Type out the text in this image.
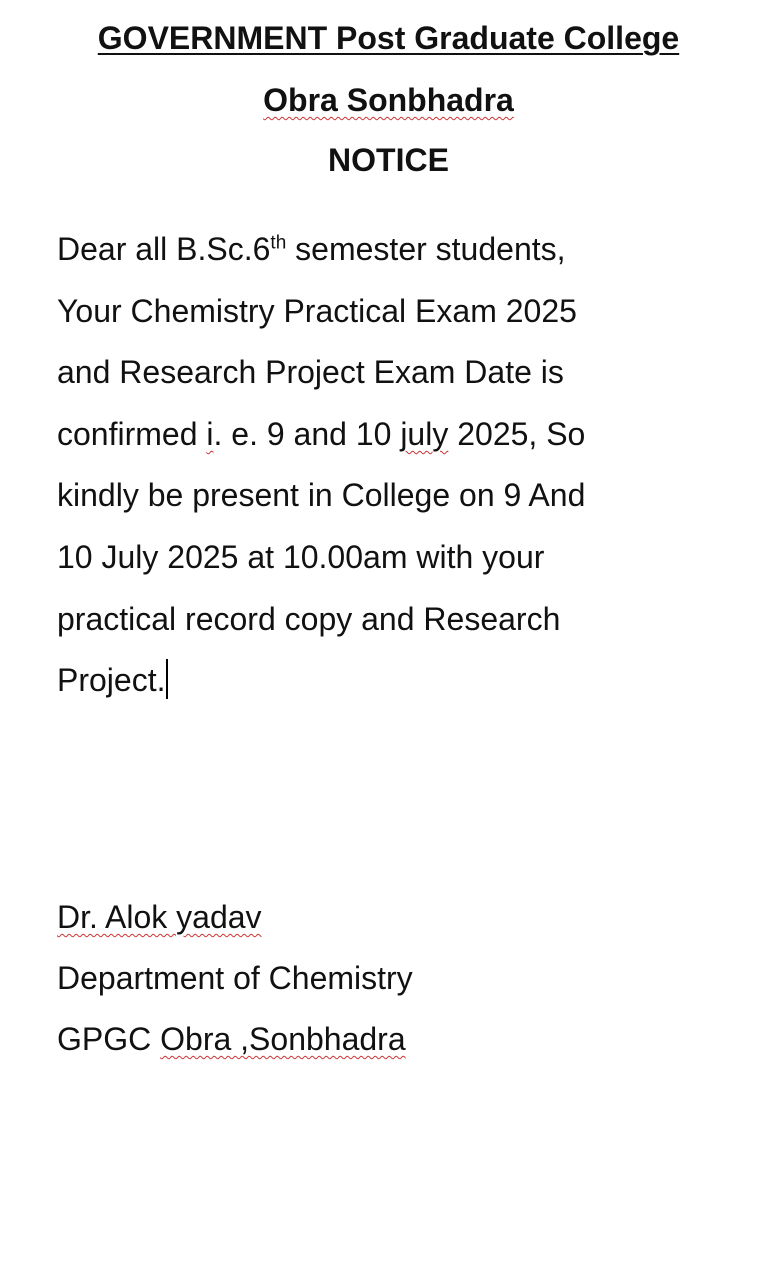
GOVERNMENT Post Graduate College
Obra Sonbhadra
NOTICE
Dear all B.Sc.6th semester students,
Your Chemistry Practical Exam 2025
and Research Project Exam Date is
confirmed i. e. 9 and 10 july 2025, So
kindly be present in College on 9 And
10 July 2025 at 10.00am with your
practical record copy and Research
Project.
Dr. Alok yadav
Department of Chemistry
GPGC Obra ,Sonbhadra
